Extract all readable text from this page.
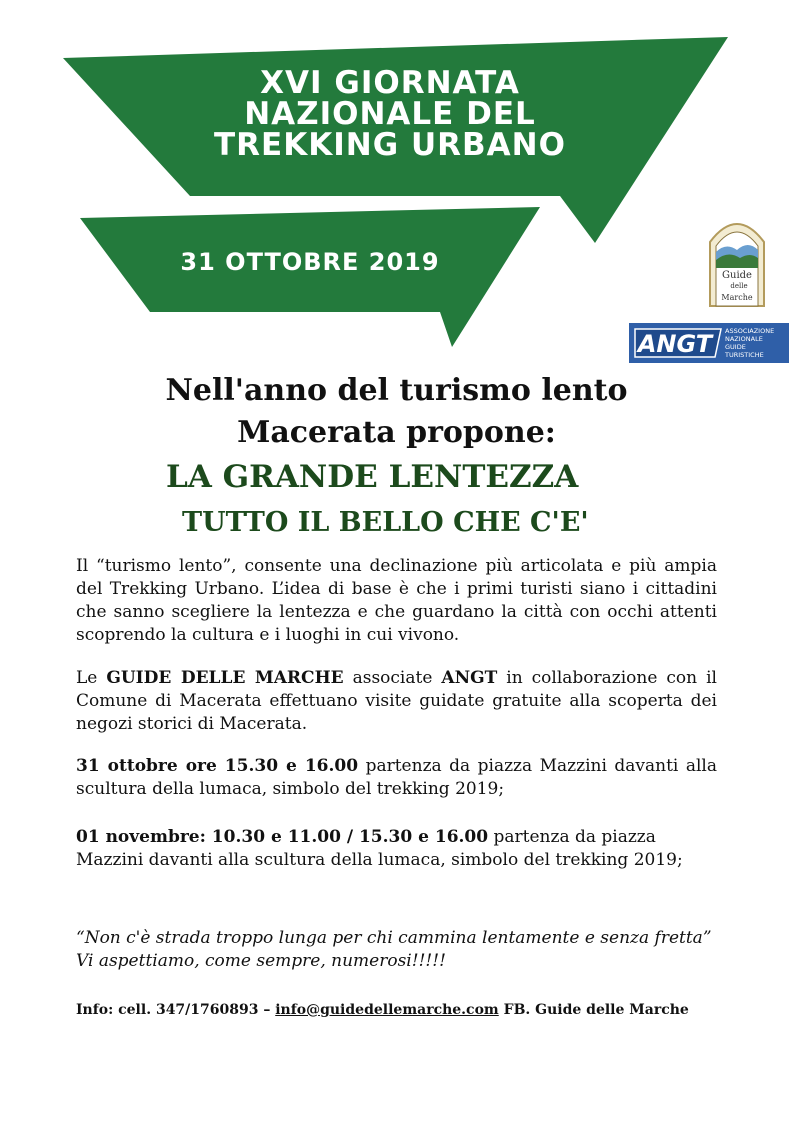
XVI GIORNATA
NAZIONALE DEL
TREKKING URBANO
31 OTTOBRE 2019	Guide
delle
Marche
ANGT ASSOCIAZIONE
NAZIONALE
GUIDE
TURISTICHE
Nell'anno del turismo lento
Macerata propone:
LA GRANDE LENTEZZA
TUTTO IL BELLO CHE C'E'

Il “turismo lento”, consente una declinazione più articolata e più ampia del Trekking Urbano. L’idea di base è che i primi turisti siano i cittadini che sanno scegliere la lentezza e che guardano la città con occhi attenti scoprendo la cultura e i luoghi in cui vivono.

Le GUIDE DELLE MARCHE associate ANGT in collaborazione con il Comune di Macerata effettuano visite guidate gratuite alla scoperta dei negozi storici di Macerata.

31 ottobre ore 15.30 e 16.00 partenza da piazza Mazzini davanti alla scultura della lumaca, simbolo del trekking 2019;

01 novembre: 10.30 e 11.00 / 15.30 e 16.00 partenza da piazza Mazzini davanti alla scultura della lumaca, simbolo del trekking 2019;

“Non c'è strada troppo lunga per chi cammina lentamente e senza fretta” Vi aspettiamo, come sempre, numerosi!!!!!

Info: cell. 347/1760893 – info@guidedellemarche.com FB. Guide delle Marche
